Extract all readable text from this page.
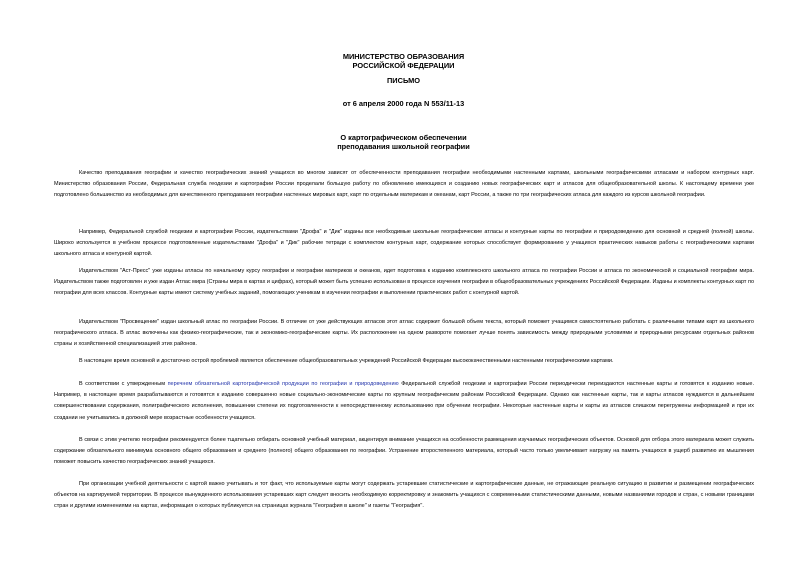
МИНИСТЕРСТВО ОБРАЗОВАНИЯ
РОССИЙСКОЙ ФЕДЕРАЦИИ
ПИСЬМО
от 6 апреля 2000 года N 553/11-13
О картографическом обеспечении
преподавания школьной географии

Качество преподавания географии и качество географических знаний учащихся во многом зависят от обеспеченности преподавания географии необходимыми настенными картами, школьными географическими атласами и набором контурных карт. Министерство образования России, Федеральная служба геодезии и картографии России проделали большую работу по обновлению имеющихся и созданию новых географических карт и атласов для общеобразовательной школы. К настоящему времени уже подготовлено большинство из необходимых для качественного преподавания географии настенных мировых карт, карт по отдельным материкам и океанам, карт России, а также по три географических атласа для каждого из курсов школьной географии.

Например, Федеральной службой геодезии и картографии России, издательствами "Дрофа" и "Дик" изданы все необходимые школьные географические атласы и контурные карты по географии и природоведению для основной и средней (полной) школы. Широко используется в учебном процессе подготовленные издательствами "Дрофа" и "Дик" рабочие тетради с комплектом контурных карт, содержание которых способствует формированию у учащихся практических навыков работы с географическими картами школьного атласа и контурной картой.

Издательством "Аст-Пресс" уже изданы атласы по начальному курсу географии и географии материков и океанов, идет подготовка к изданию комплексного школьного атласа по географии России и атласа по экономической и социальной географии мира. Издательством также подготовлен и уже издан Атлас мира (Страны мира в картах и цифрах), который может быть успешно использован в процессе изучения географии в общеобразовательных учреждениях Российской Федерации. Изданы и комплекты контурных карт по географии для всех классов. Контурные карты имеют систему учебных заданий, помогающих ученикам в изучении географии и выполнении практических работ с контурной картой.

Издательством "Просвещение" издан школьный атлас по географии России. В отличие от уже действующих атласов этот атлас содержит большой объем текста, который поможет учащимся самостоятельно работать с различными типами карт из школьного географического атласа. В атлас включены как физико-географические, так и экономико-географические карты. Их расположение на одном развороте помогает лучше понять зависимость между природными условиями и природными ресурсами отдельных районов страны и хозяйственной специализацией этих районов.

В настоящее время основной и достаточно острой проблемой является обеспечение общеобразовательных учреждений Российской Федерации высококачественными настенными географическими картами.

В соответствии с утвержденным перечнем обязательной картографической продукции по географии и природоведению Федеральной службой геодезии и картографии России периодически переиздаются настенные карты и готовятся к изданию новые. Например, в настоящее время разрабатываются и готовятся к изданию совершенно новые социально-экономические карты по крупным географическим районам Российской Федерации. Однако как настенные карты, так и карты атласов нуждаются в дальнейшем совершенствовании содержания, полиграфического исполнения, повышении степени их подготовленности к непосредственному использованию при обучении географии. Некоторые настенные карты и карты из атласов слишком перегружены информацией и при их создании не учитывались в должной мере возрастные особенности учащихся.

В связи с этим учителю географии рекомендуется более тщательно отбирать основной учебный материал, акцентируя внимание учащихся на особенности размещения изучаемых географических объектов. Основой для отбора этого материала может служить содержание обязательного минимума основного общего образования и среднего (полного) общего образования по географии. Устранение второстепенного материала, который часто только увеличивает нагрузку на память учащихся в ущерб развитию их мышления поможет повысить качество географических знаний учащихся.

При организации учебной деятельности с картой важно учитывать и тот факт, что используемые карты могут содержать устаревшие статистические и картографические данные, не отражающие реальную ситуацию в развитии и размещении географических объектов на картируемой территории. В процессе вынужденного использования устаревших карт следует вносить необходимую корректировку и знакомить учащихся с современными статистическими данными, новыми названиями городов и стран, с новыми границами стран и другими изменениями на картах, информация о которых публикуется на страницах журнала "География в школе" и газеты "География".
